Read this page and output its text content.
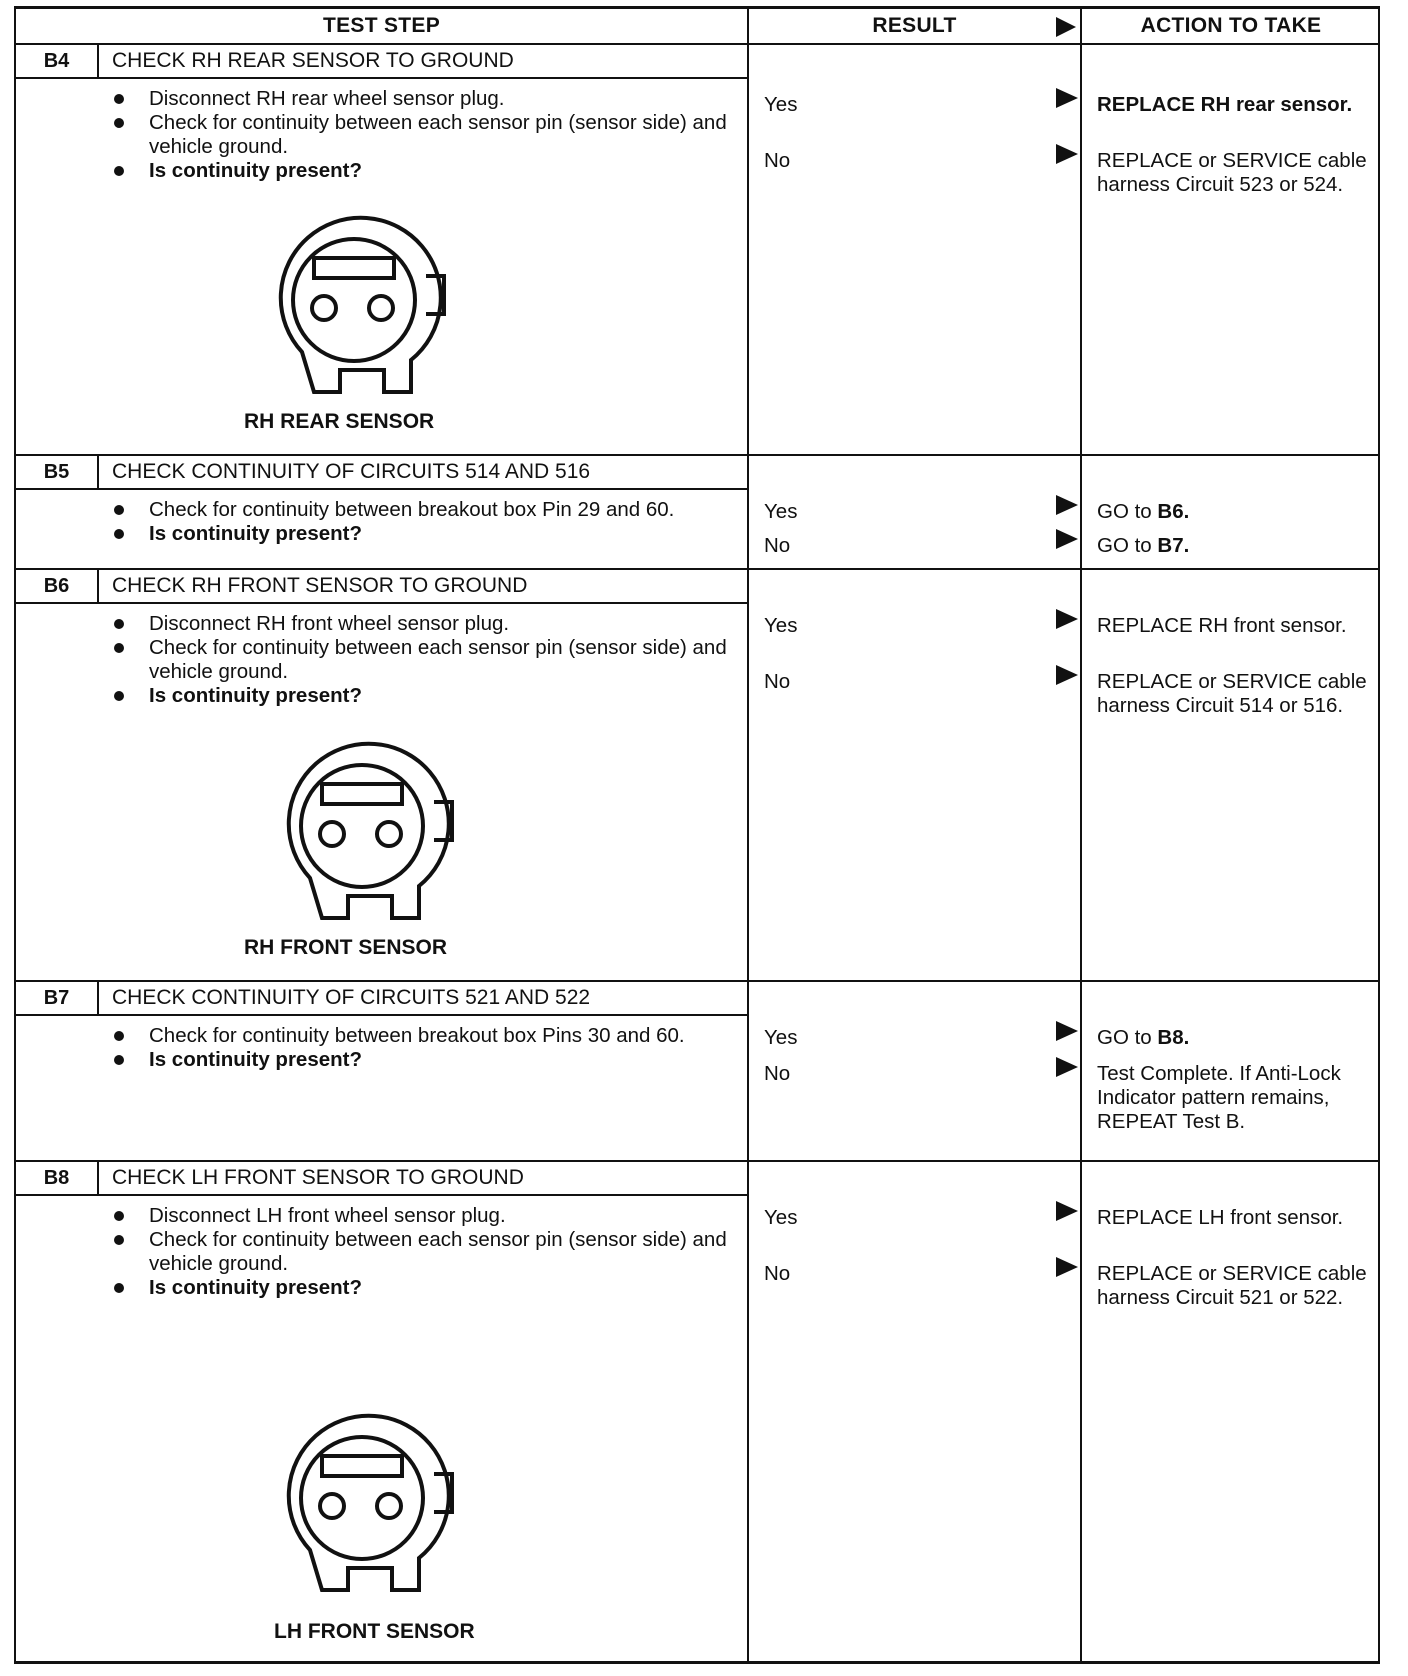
TEST STEP	RESULT	ACTION TO TAKE
B4	CHECK RH REAR SENSOR TO GROUND
Disconnect RH rear wheel sensor plug.
Check for continuity between each sensor pin (sensor side) and vehicle ground.
Is continuity present?
RH REAR SENSOR
Yes	REPLACE RH rear sensor.
No	REPLACE or SERVICE cable harness Circuit 523 or 524.
B5	CHECK CONTINUITY OF CIRCUITS 514 AND 516
Check for continuity between breakout box Pin 29 and 60.
Is continuity present?
Yes	GO to B6.
No	GO to B7.
B6	CHECK RH FRONT SENSOR TO GROUND
Disconnect RH front wheel sensor plug.
Check for continuity between each sensor pin (sensor side) and vehicle ground.
Is continuity present?
RH FRONT SENSOR
Yes	REPLACE RH front sensor.
No	REPLACE or SERVICE cable harness Circuit 514 or 516.
B7	CHECK CONTINUITY OF CIRCUITS 521 AND 522
Check for continuity between breakout box Pins 30 and 60.
Is continuity present?
Yes	GO to B8.
No	Test Complete. If Anti-Lock Indicator pattern remains, REPEAT Test B.
B8	CHECK LH FRONT SENSOR TO GROUND
Disconnect LH front wheel sensor plug.
Check for continuity between each sensor pin (sensor side) and vehicle ground.
Is continuity present?
LH FRONT SENSOR
Yes	REPLACE LH front sensor.
No	REPLACE or SERVICE cable harness Circuit 521 or 522.
